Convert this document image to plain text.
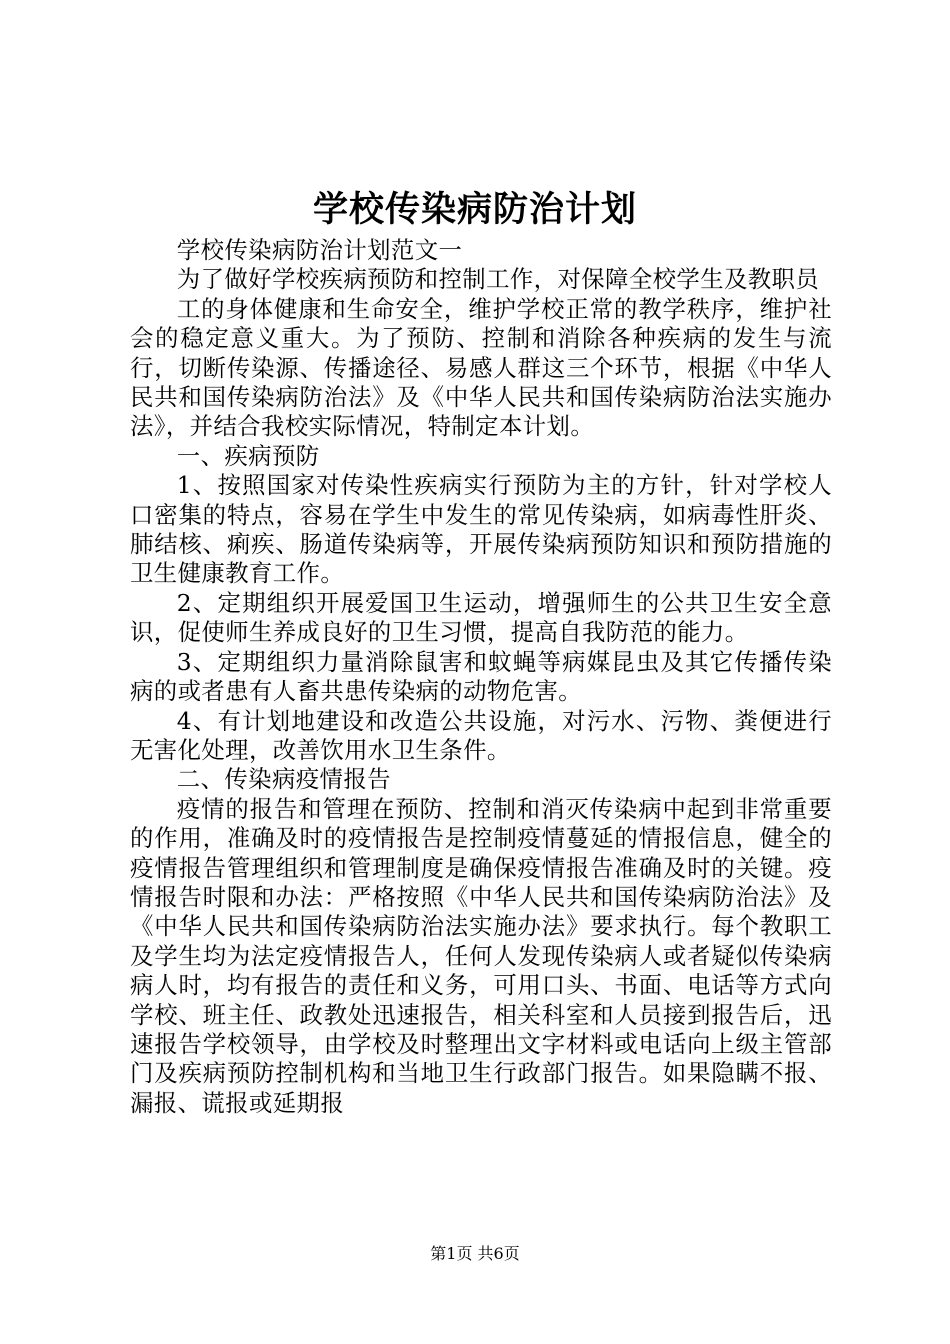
学校传染病防治计划

学校传染病防治计划范文一

为了做好学校疾病预防和控制工作，对保障全校学生及教职员

工的身体健康和生命安全，维护学校正常的教学秩序，维护社会的稳定意义重大。为了预防、控制和消除各种疾病的发生与流行，切断传染源、传播途径、易感人群这三个环节，根据《中华人民共和国传染病防治法》及《中华人民共和国传染病防治法实施办法》，并结合我校实际情况，特制定本计划。

一、疾病预防

1、按照国家对传染性疾病实行预防为主的方针，针对学校人口密集的特点，容易在学生中发生的常见传染病，如病毒性肝炎、肺结核、痢疾、肠道传染病等，开展传染病预防知识和预防措施的卫生健康教育工作。

2、定期组织开展爱国卫生运动，增强师生的公共卫生安全意识，促使师生养成良好的卫生习惯，提高自我防范的能力。

3、定期组织力量消除鼠害和蚊蝇等病媒昆虫及其它传播传染病的或者患有人畜共患传染病的动物危害。

4、有计划地建设和改造公共设施，对污水、污物、粪便进行无害化处理，改善饮用水卫生条件。

二、传染病疫情报告

疫情的报告和管理在预防、控制和消灭传染病中起到非常重要的作用，准确及时的疫情报告是控制疫情蔓延的情报信息，健全的疫情报告管理组织和管理制度是确保疫情报告准确及时的关键。疫情报告时限和办法：严格按照《中华人民共和国传染病防治法》及《中华人民共和国传染病防治法实施办法》要求执行。每个教职工及学生均为法定疫情报告人，任何人发现传染病人或者疑似传染病病人时，均有报告的责任和义务，可用口头、书面、电话等方式向学校、班主任、政教处迅速报告，相关科室和人员接到报告后，迅速报告学校领导，由学校及时整理出文字材料或电话向上级主管部门及疾病预防控制机构和当地卫生行政部门报告。如果隐瞒不报、漏报、谎报或延期报

第1页 共6页
